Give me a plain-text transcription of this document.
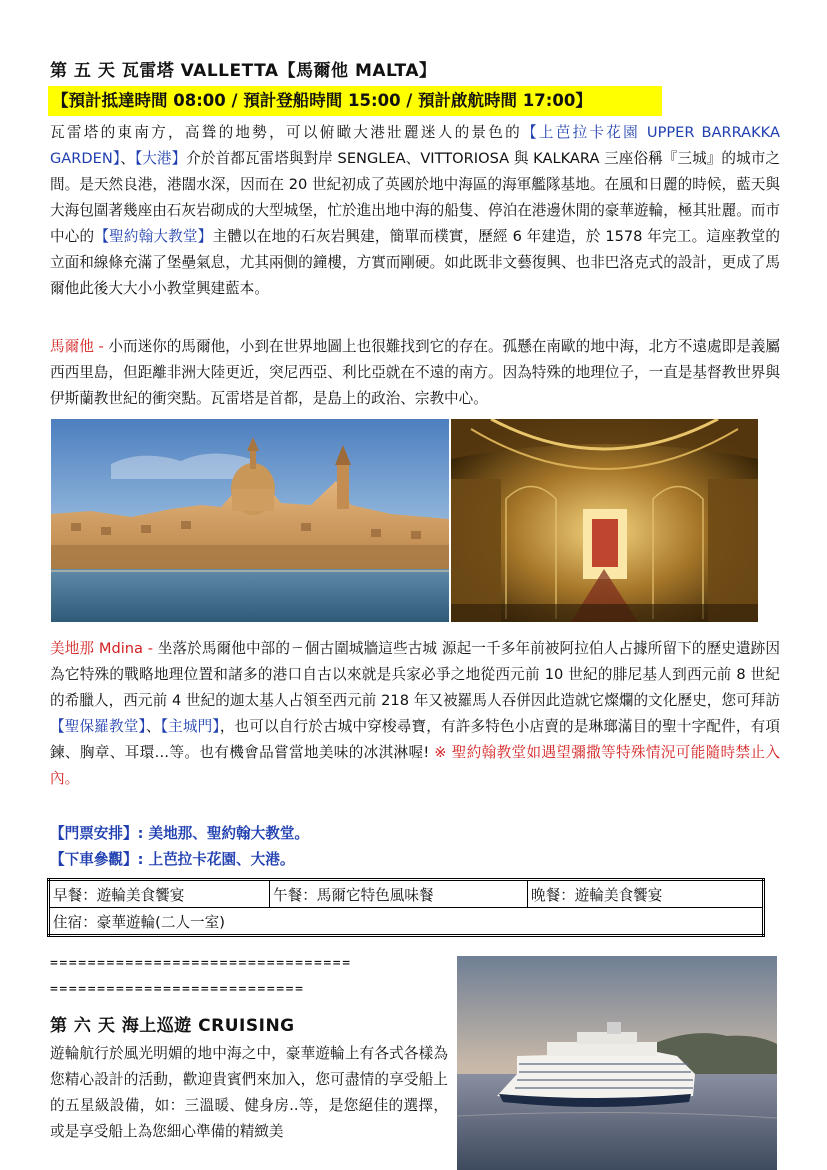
第 五 天 瓦雷塔 VALLETTA【馬爾他 MALTA】
【預計抵達時間 08:00 / 預計登船時間 15:00 / 預計啟航時間 17:00】
瓦雷塔的東南方，高聳的地勢，可以俯瞰大港壯麗迷人的景色的【上芭拉卡花園 UPPER BARRAKKA GARDEN】、【大港】介於首都瓦雷塔與對岸 SENGLEA、VITTORIOSA 與 KALKARA 三座俗稱『三城』的城市之間。是天然良港，港闊水深，因而在 20 世紀初成了英國於地中海區的海軍艦隊基地。在風和日麗的時候，藍天與大海包圍著幾座由石灰岩砌成的大型城堡，忙於進出地中海的船隻、停泊在港邊休閒的豪華遊輪，極其壯麗。而市中心的【聖約翰大教堂】主體以在地的石灰岩興建，簡單而樸實，歷經 6 年建造，於 1578 年完工。這座教堂的立面和線條充滿了堡壘氣息，尤其兩側的鐘樓，方實而剛硬。如此既非文藝復興、也非巴洛克式的設計，更成了馬爾他此後大大小小教堂興建藍本。
馬爾他 - 小而迷你的馬爾他，小到在世界地圖上也很難找到它的存在。孤懸在南歐的地中海，北方不遠處即是義屬西西里島，但距離非洲大陸更近，突尼西亞、利比亞就在不遠的南方。因為特殊的地理位子，一直是基督教世界與伊斯蘭教世紀的衝突點。瓦雷塔是首都，是島上的政治、宗教中心。
美地那 Mdina - 坐落於馬爾他中部的ㄧ個古圍城牆這些古城 源起一千多年前被阿拉伯人占據所留下的歷史遺跡因為它特殊的戰略地理位置和諸多的港口自古以來就是兵家必爭之地從西元前 10 世紀的腓尼基人到西元前 8 世紀的希臘人，西元前 4 世紀的迦太基人占領至西元前 218 年又被羅馬人吞併因此造就它燦爛的文化歷史，您可拜訪【聖保羅教堂】、【主城門】，也可以自行於古城中穿梭尋寶，有許多特色小店賣的是琳瑯滿目的聖十字配件，有項鍊、胸章、耳環…等。也有機會品嘗當地美味的冰淇淋喔! ※ 聖約翰教堂如遇望彌撒等特殊情況可能隨時禁止入內。
【門票安排】: 美地那、聖約翰大教堂。
【下車參觀】: 上芭拉卡花園、大港。
早餐：遊輪美食饗宴	午餐：馬爾它特色風味餐	晚餐：遊輪美食饗宴
住宿：豪華遊輪(二人一室)
================================
===========================
第 六 天 海上巡遊 CRUISING
遊輪航行於風光明媚的地中海之中，豪華遊輪上有各式各樣為您精心設計的活動，歡迎貴賓們來加入，您可盡情的享受船上的五星級設備，如：三溫暖、健身房..等，是您絕佳的選擇，或是享受船上為您細心準備的精緻美
